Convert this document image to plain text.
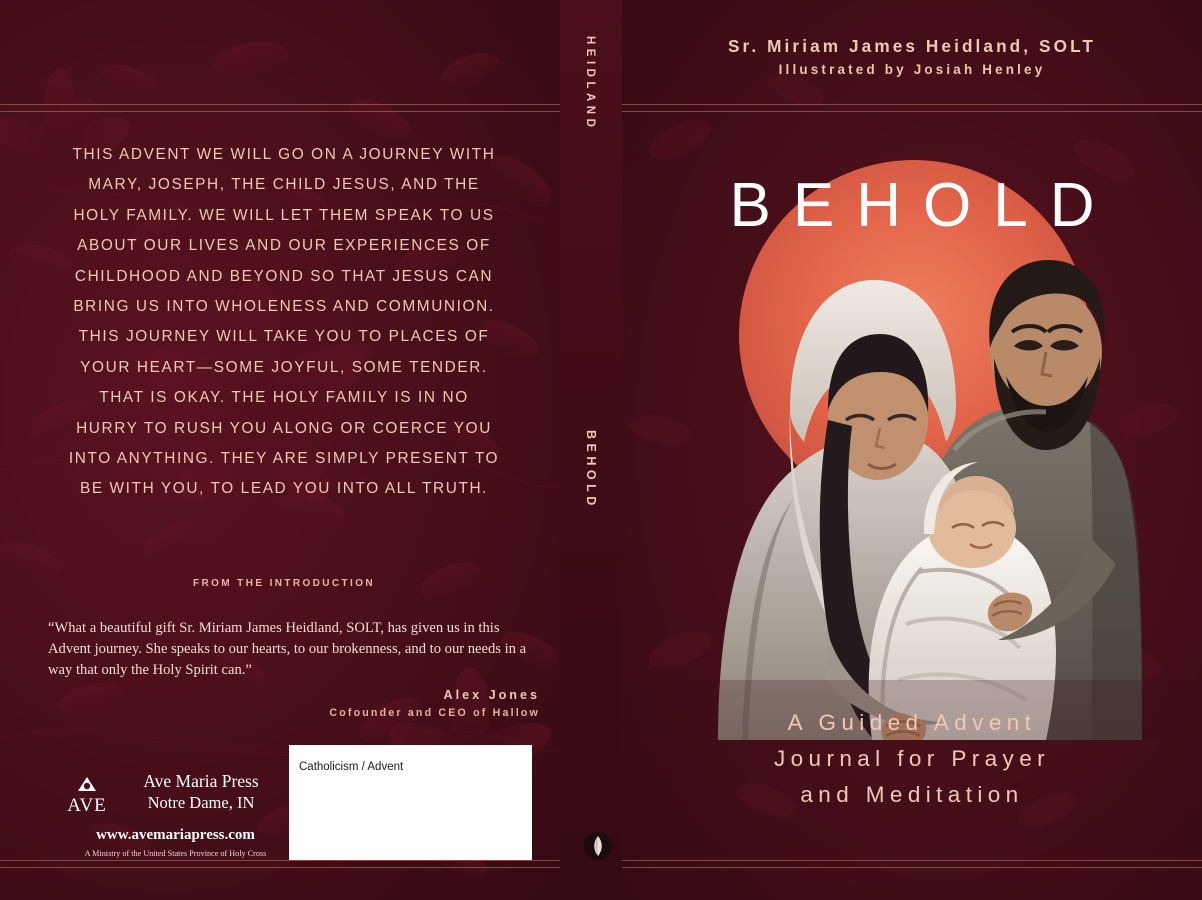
THIS ADVENT WE WILL GO ON A JOURNEY WITH MARY, JOSEPH, THE CHILD JESUS, AND THE HOLY FAMILY. WE WILL LET THEM SPEAK TO US ABOUT OUR LIVES AND OUR EXPERIENCES OF CHILDHOOD AND BEYOND SO THAT JESUS CAN BRING US INTO WHOLENESS AND COMMUNION. THIS JOURNEY WILL TAKE YOU TO PLACES OF YOUR HEART—SOME JOYFUL, SOME TENDER. THAT IS OKAY. THE HOLY FAMILY IS IN NO HURRY TO RUSH YOU ALONG OR COERCE YOU INTO ANYTHING. THEY ARE SIMPLY PRESENT TO BE WITH YOU, TO LEAD YOU INTO ALL TRUTH.
FROM THE INTRODUCTION
“What a beautiful gift Sr. Miriam James Heidland, SOLT, has given us in this Advent journey. She speaks to our hearts, to our brokenness, and to our needs in a way that only the Holy Spirit can.”
Alex Jones
Cofounder and CEO of Hallow
AVE
Ave Maria Press
Notre Dame, IN
www.avemariapress.com
A Ministry of the United States Province of Holy Cross
Catholicism / Advent
HEIDLAND
BEHOLD
Sr. Miriam James Heidland, SOLT
Illustrated by Josiah Henley
BEHOLD
A Guided Advent
Journal for Prayer
and Meditation
